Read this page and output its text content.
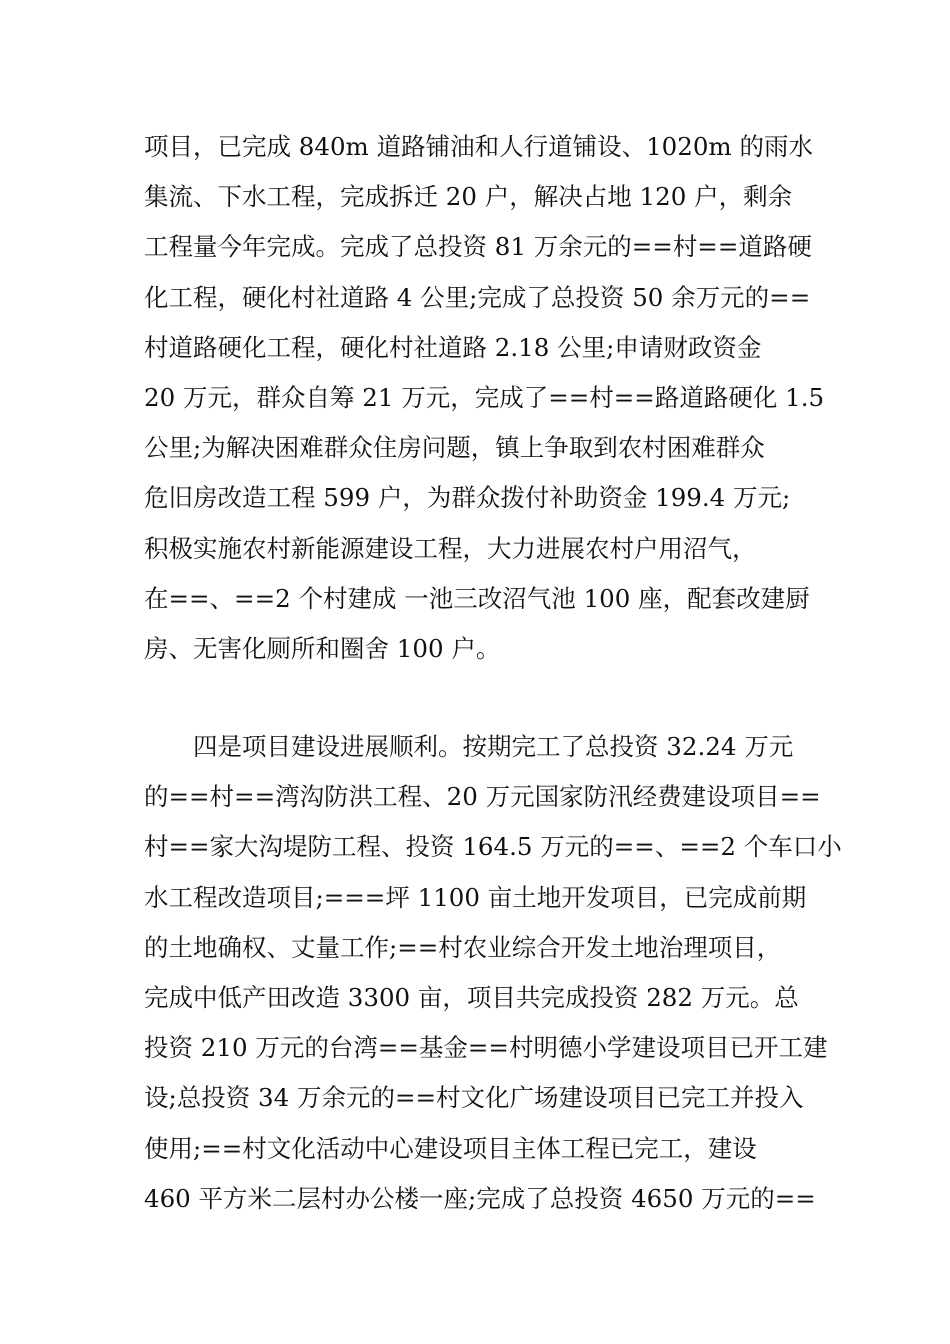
项目，已完成 840m 道路铺油和人行道铺设、1020m 的雨水
集流、下水工程，完成拆迁 20 户，解决占地 120 户，剩余
工程量今年完成。完成了总投资 81 万余元的==村==道路硬
化工程，硬化村社道路 4 公里;完成了总投资 50 余万元的==
村道路硬化工程，硬化村社道路 2.18 公里;申请财政资金
20 万元，群众自筹 21 万元，完成了==村==路道路硬化 1.5
公里;为解决困难群众住房问题，镇上争取到农村困难群众
危旧房改造工程 599 户，为群众拨付补助资金 199.4 万元;
积极实施农村新能源建设工程，大力进展农村户用沼气，
在==、==2 个村建成 一池三改沼气池 100 座，配套改建厨
房、无害化厕所和圈舍 100 户。
　　四是项目建设进展顺利。按期完工了总投资 32.24 万元
的==村==湾沟防洪工程、20 万元国家防汛经费建设项目==
村==家大沟堤防工程、投资 164.5 万元的==、==2 个车口小
水工程改造项目;===坪 1100 亩土地开发项目，已完成前期
的土地确权、丈量工作;==村农业综合开发土地治理项目，
完成中低产田改造 3300 亩，项目共完成投资 282 万元。总
投资 210 万元的台湾==基金==村明德小学建设项目已开工建
设;总投资 34 万余元的==村文化广场建设项目已完工并投入
使用;==村文化活动中心建设项目主体工程已完工，建设
460 平方米二层村办公楼一座;完成了总投资 4650 万元的==
